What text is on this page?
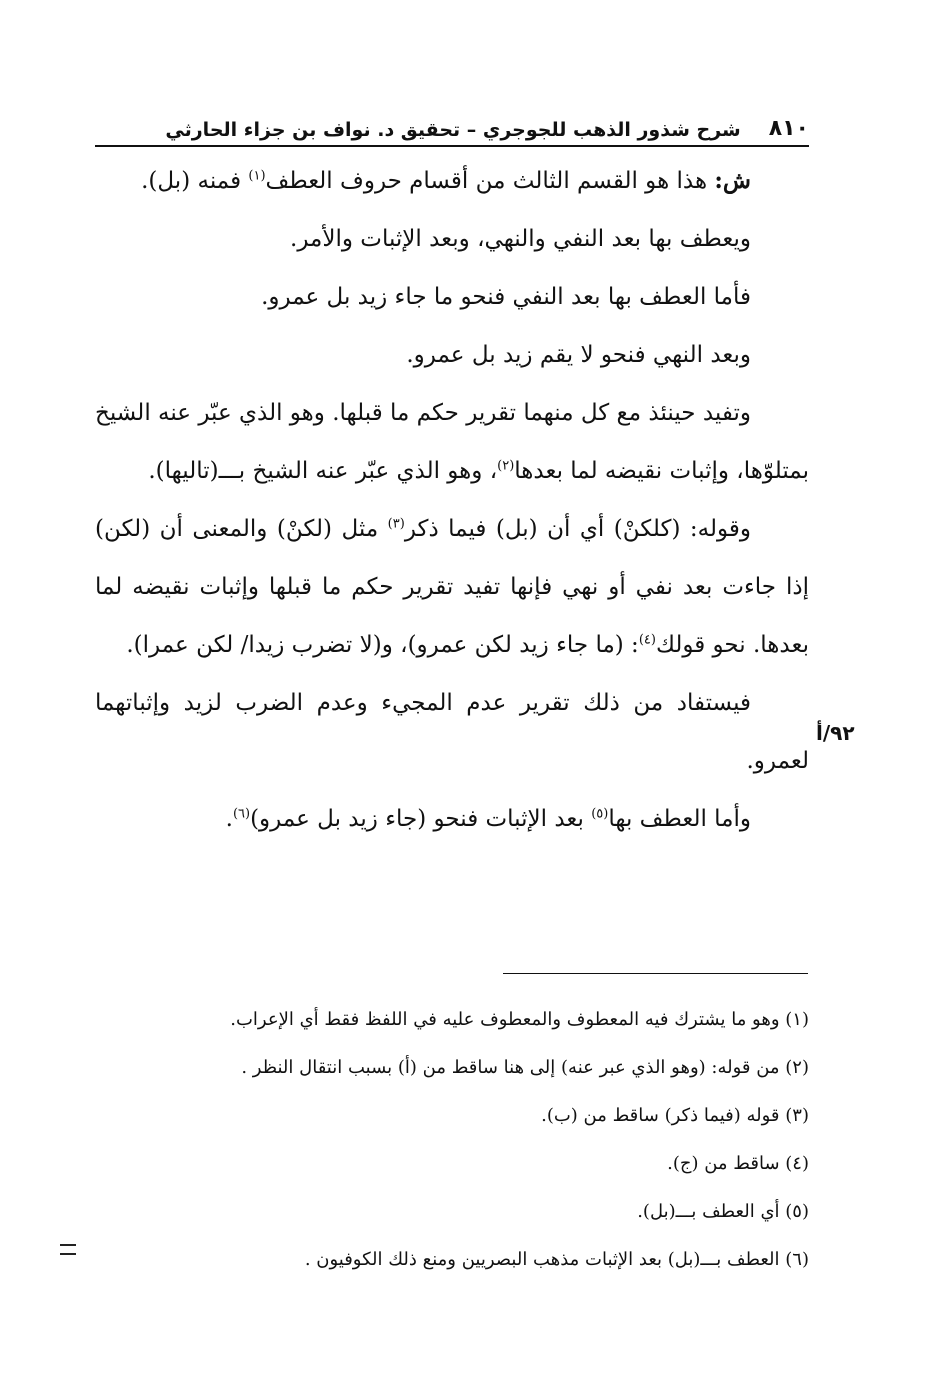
٨١٠
شرح شذور الذهب للجوجري – تحقيق د. نواف بن جزاء الحارثي

ش: هذا هو القسم الثالث من أقسام حروف العطف$^{(١)}$ فمنه (بل).

ويعطف بها بعد النفي والنهي، وبعد الإثبات والأمر.

فأما العطف بها بعد النفي فنحو ما جاء زيد بل عمرو.

وبعد النهي فنحو لا يقم زيد بل عمرو.

وتفيد حينئذ مع كل منهما تقرير حكم ما قبلها. وهو الذي عبّر عنه الشيخ بمتلوّها، وإثبات نقيضه لما بعدها$^{(٢)}$، وهو الذي عبّر عنه الشيخ بـــ(تاليها).

وقوله: (كلكنْ) أي أن (بل) فيما ذكر$^{(٣)}$ مثل (لكنْ) والمعنى أن (لكن) إذا جاءت بعد نفي أو نهي فإنها تفيد تقرير حكم ما قبلها وإثبات نقيضه لما بعدها. نحو قولك$^{(٤)}$: (ما جاء زيد لكن عمرو)، و(لا تضرب زيدا/ لكن عمرا).

فيستفاد من ذلك تقرير عدم المجيء وعدم الضرب لزيد وإثباتهما لعمرو.

وأما العطف بها$^{(٥)}$ بعد الإثبات فنحو (جاء زيد بل عمرو)$^{(٦)}$.

٩٢/أ
(١) وهو ما يشترك فيه المعطوف والمعطوف عليه في اللفظ فقط أي الإعراب.
(٢) من قوله: (وهو الذي عبر عنه) إلى هنا ساقط من (أ) بسبب انتقال النظر .
(٣) قوله (فيما ذكر) ساقط من (ب).
(٤) ساقط من (ج).
(٥) أي العطف بـــ(بل).
(٦) العطف بـــ(بل) بعد الإثبات مذهب البصريين ومنع ذلك الكوفيون .
